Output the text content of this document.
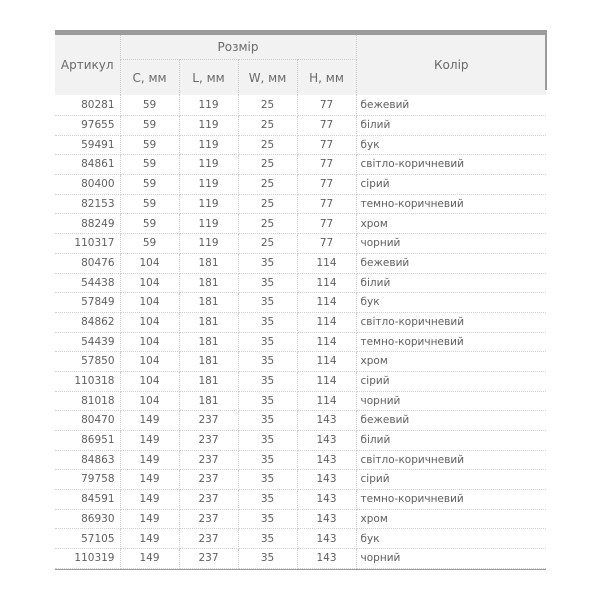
Артикул	Розмір				Колір
	C, мм	L, мм	W, мм	H, мм	
80281	59	119	25	77	бежевий
97655	59	119	25	77	білий
59491	59	119	25	77	бук
84861	59	119	25	77	світло-коричневий
80400	59	119	25	77	сірий
82153	59	119	25	77	темно-коричневий
88249	59	119	25	77	хром
110317	59	119	25	77	чорний
80476	104	181	35	114	бежевий
54438	104	181	35	114	білий
57849	104	181	35	114	бук
84862	104	181	35	114	світло-коричневий
54439	104	181	35	114	темно-коричневий
57850	104	181	35	114	хром
110318	104	181	35	114	сірий
81018	104	181	35	114	чорний
80470	149	237	35	143	бежевий
86951	149	237	35	143	білий
84863	149	237	35	143	світло-коричневий
79758	149	237	35	143	сірий
84591	149	237	35	143	темно-коричневий
86930	149	237	35	143	хром
57105	149	237	35	143	бук
110319	149	237	35	143	чорний
